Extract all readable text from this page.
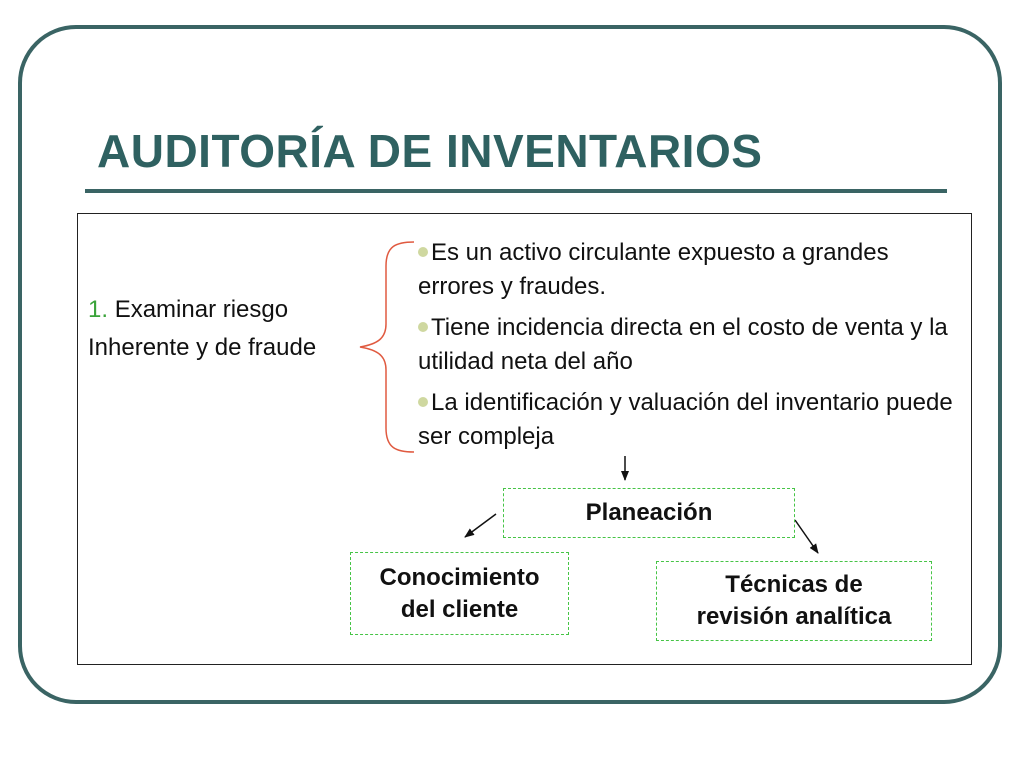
AUDITORÍA DE INVENTARIOS
1. Examinar riesgo
Inherente y de fraude
Es un activo circulante expuesto a grandes errores y fraudes.
Tiene incidencia directa en el costo de venta y la utilidad neta del año
La identificación y valuación del inventario puede ser compleja
Planeación
Conocimiento
del cliente
Técnicas de
revisión analítica
